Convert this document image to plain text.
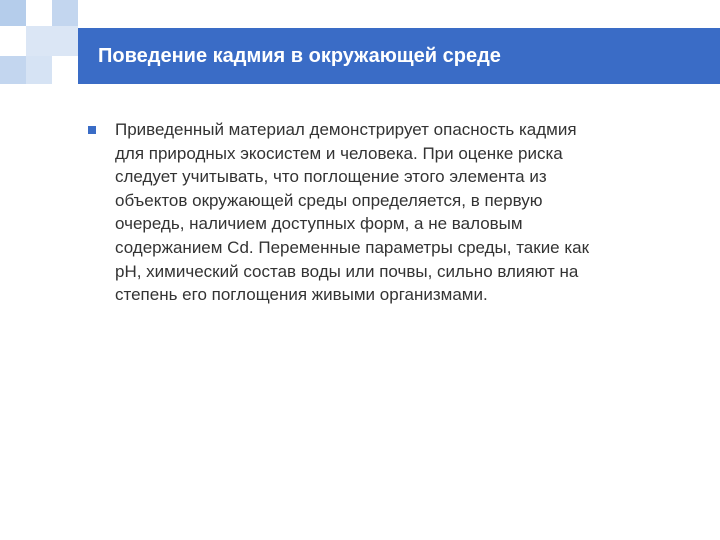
Поведение кадмия в окружающей среде

Приведенный материал демонстрирует опасность кадмия
для природных экосистем и человека. При оценке риска
следует учитывать, что поглощение этого элемента из
объектов окружающей среды определяется, в первую
очередь, наличием доступных форм, а не валовым
содержанием Cd. Переменные параметры среды, такие как
pH, химический состав воды или почвы, сильно влияют на
степень его поглощения живыми организмами.
